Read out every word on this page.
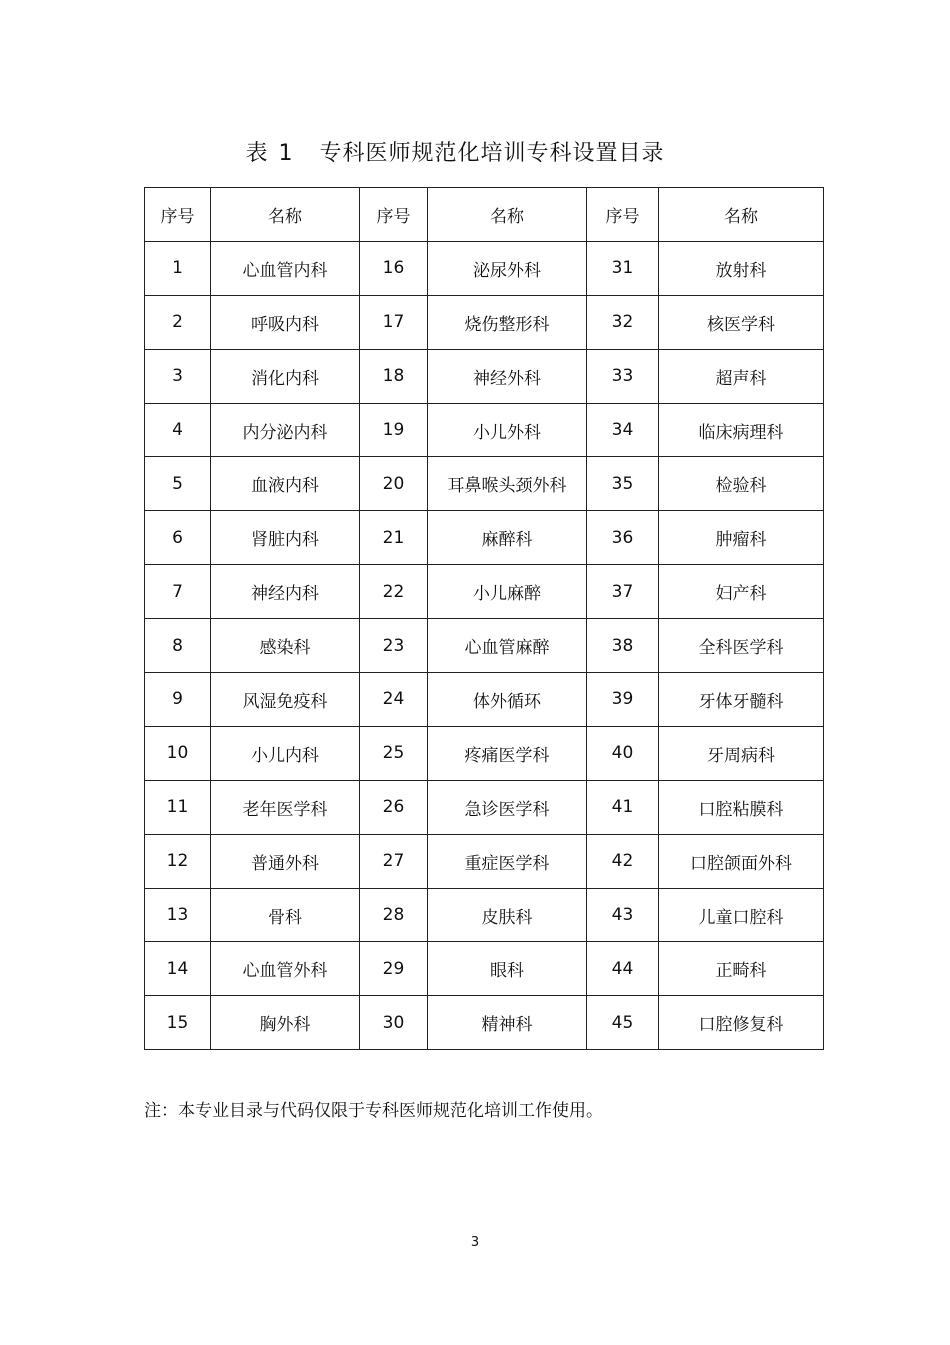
表 1 专科医师规范化培训专科设置目录
序号	名称	序号	名称	序号	名称
1	心血管内科	16	泌尿外科	31	放射科
2	呼吸内科	17	烧伤整形科	32	核医学科
3	消化内科	18	神经外科	33	超声科
4	内分泌内科	19	小儿外科	34	临床病理科
5	血液内科	20	耳鼻喉头颈外科	35	检验科
6	肾脏内科	21	麻醉科	36	肿瘤科
7	神经内科	22	小儿麻醉	37	妇产科
8	感染科	23	心血管麻醉	38	全科医学科
9	风湿免疫科	24	体外循环	39	牙体牙髓科
10	小儿内科	25	疼痛医学科	40	牙周病科
11	老年医学科	26	急诊医学科	41	口腔粘膜科
12	普通外科	27	重症医学科	42	口腔颌面外科
13	骨科	28	皮肤科	43	儿童口腔科
14	心血管外科	29	眼科	44	正畸科
15	胸外科	30	精神科	45	口腔修复科
注：本专业目录与代码仅限于专科医师规范化培训工作使用。
3
